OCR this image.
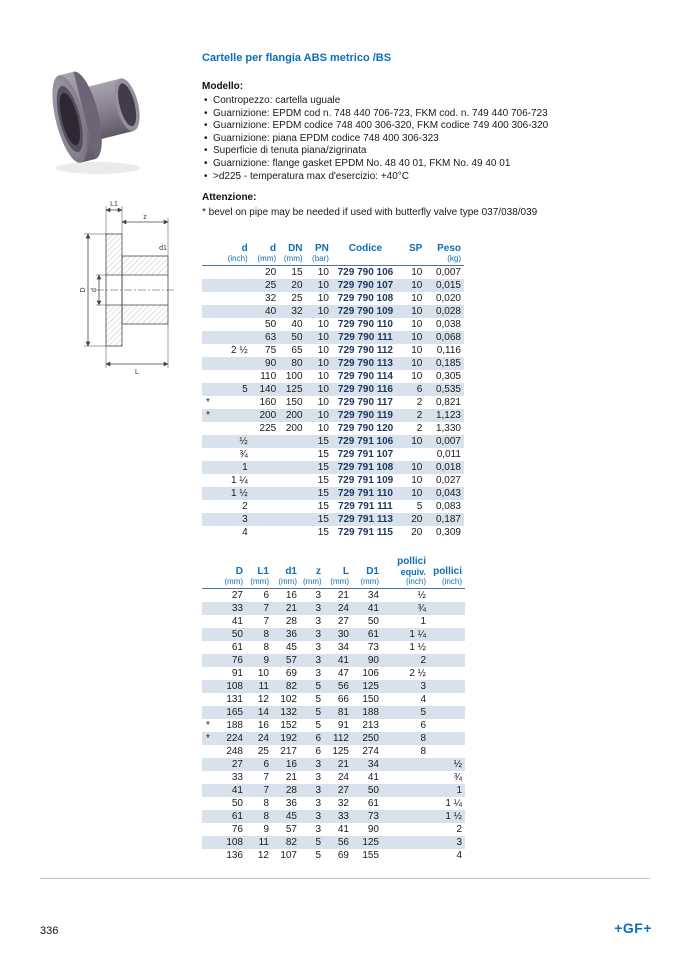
L1
z
L
D d
d1
Cartelle per flangia ABS metrico /BS
Modello:
• Contropezzo: cartella uguale
• Guarnizione: EPDM cod n. 748 440 706-723, FKM cod. n. 749 440 706-723
• Guarnizione: EPDM codice 748 400 306-320, FKM codice 749 400 306-320
• Guarnizione: piana EPDM codice 748 400 306-323
• Superficie di tenuta piana/zigrinata
• Guarnizione: flange gasket EPDM No. 48 40 01, FKM No. 49 40 01
• >d225 - temperatura max d'esercizio: +40°C
Attenzione:
* bevel on pipe may be needed if used with butterfly valve type 037/038/039

d
(inch)

d
(mm)

DN
(mm)

PN
(bar)

Codice	SP	Peso
(kg)

		20	15	10	729 790 106	10	0,007
		25	20	10	729 790 107	10	0,015
		32	25	10	729 790 108	10	0,020
		40	32	10	729 790 109	10	0,028
		50	40	10	729 790 110	10	0,038
		63	50	10	729 790 111	10	0,068
	2 ½	75	65	10	729 790 112	10	0,116
		90	80	10	729 790 113	10	0,185
		110	100	10	729 790 114	10	0,305
	5	140	125	10	729 790 116	6	0,535
*		160	150	10	729 790 117	2	0,821
*		200	200	10	729 790 119	2	1,123
		225	200	10	729 790 120	2	1,330
	½			15	729 791 106	10	0,007
	¾			15	729 791 107		0,011
	1			15	729 791 108	10	0,018
	1 ¼			15	729 791 109	10	0,027
	1 ½			15	729 791 110	10	0,043
	2			15	729 791 111	5	0,083
	3			15	729 791 113	20	0,187
	4			15	729 791 115	20	0,309

D
(mm)

L1
(mm)

d1
(mm)

z
(mm)

L
(mm)

D1
(mm)

pollici
equiv.
(inch)

pollici
(inch)

	27	6	16	3	21	34	½	
	33	7	21	3	24	41	¾	
	41	7	28	3	27	50	1	
	50	8	36	3	30	61	1 ¼	
	61	8	45	3	34	73	1 ½	
	76	9	57	3	41	90	2	
	91	10	69	3	47	106	2 ½	
	108	11	82	5	56	125	3	
	131	12	102	5	66	150	4	
	165	14	132	5	81	188	5	
*	188	16	152	5	91	213	6	
*	224	24	192	6	112	250	8	
	248	25	217	6	125	274	8	
	27	6	16	3	21	34		½
	33	7	21	3	24	41		¾
	41	7	28	3	27	50		1
	50	8	36	3	32	61		1 ¼
	61	8	45	3	33	73		1 ½
	76	9	57	3	41	90		2
	108	11	82	5	56	125		3
	136	12	107	5	69	155		4
336	+GF+
